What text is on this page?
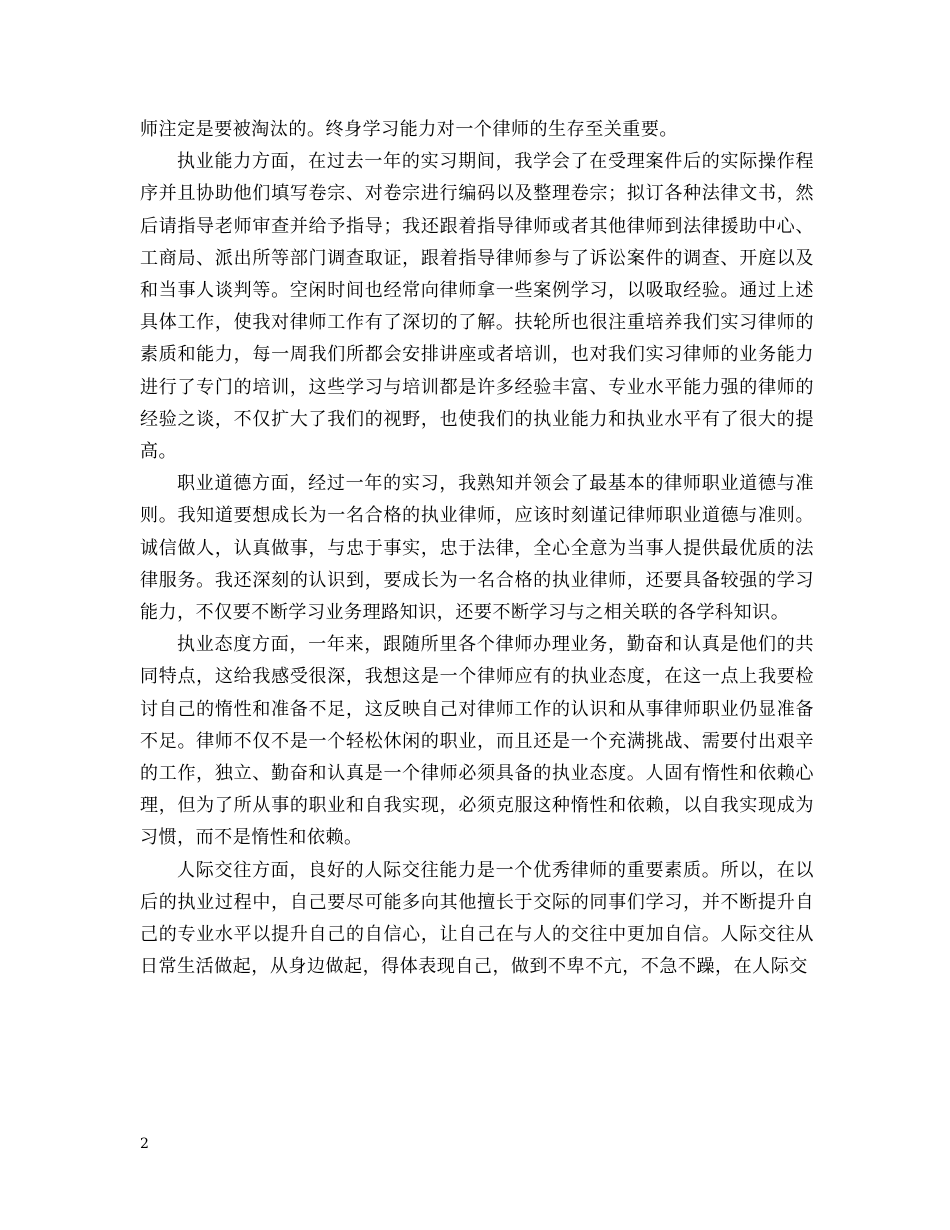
师注定是要被淘汰的。终身学习能力对一个律师的生存至关重要。

执业能力方面，在过去一年的实习期间，我学会了在受理案件后的实际操作程序并且协助他们填写卷宗、对卷宗进行编码以及整理卷宗；拟订各种法律文书，然后请指导老师审查并给予指导；我还跟着指导律师或者其他律师到法律援助中心、工商局、派出所等部门调查取证，跟着指导律师参与了诉讼案件的调查、开庭以及和当事人谈判等。空闲时间也经常向律师拿一些案例学习，以吸取经验。通过上述具体工作，使我对律师工作有了深切的了解。扶轮所也很注重培养我们实习律师的素质和能力，每一周我们所都会安排讲座或者培训，也对我们实习律师的业务能力进行了专门的培训，这些学习与培训都是许多经验丰富、专业水平能力强的律师的经验之谈，不仅扩大了我们的视野，也使我们的执业能力和执业水平有了很大的提高。

职业道德方面，经过一年的实习，我熟知并领会了最基本的律师职业道德与准则。我知道要想成长为一名合格的执业律师，应该时刻谨记律师职业道德与准则。诚信做人，认真做事，与忠于事实，忠于法律，全心全意为当事人提供最优质的法律服务。我还深刻的认识到，要成长为一名合格的执业律师，还要具备较强的学习能力，不仅要不断学习业务理路知识，还要不断学习与之相关联的各学科知识。

执业态度方面，一年来，跟随所里各个律师办理业务，勤奋和认真是他们的共同特点，这给我感受很深，我想这是一个律师应有的执业态度，在这一点上我要检讨自己的惰性和准备不足，这反映自己对律师工作的认识和从事律师职业仍显准备不足。律师不仅不是一个轻松休闲的职业，而且还是一个充满挑战、需要付出艰辛的工作，独立、勤奋和认真是一个律师必须具备的执业态度。人固有惰性和依赖心理，但为了所从事的职业和自我实现，必须克服这种惰性和依赖，以自我实现成为习惯，而不是惰性和依赖。

人际交往方面，良好的人际交往能力是一个优秀律师的重要素质。所以，在以后的执业过程中，自己要尽可能多向其他擅长于交际的同事们学习，并不断提升自己的专业水平以提升自己的自信心，让自己在与人的交往中更加自信。人际交往从日常生活做起，从身边做起，得体表现自己，做到不卑不亢，不急不躁，在人际交

2
